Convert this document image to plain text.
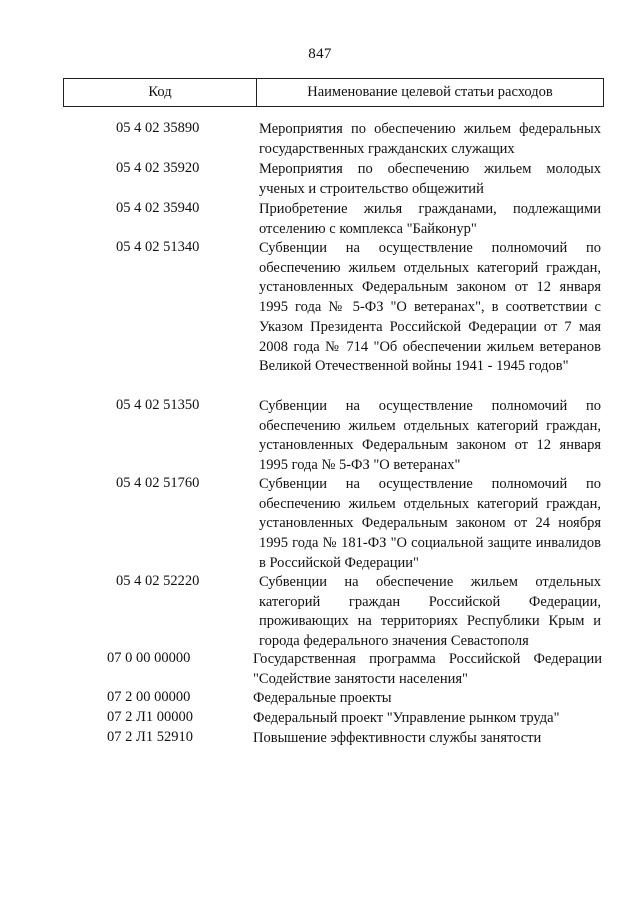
847
Код	Наименование целевой статьи расходов
05 4 02 35890	Мероприятия по обеспечению жильем федеральных государственных гражданских служащих
05 4 02 35920	Мероприятия по обеспечению жильем молодых ученых и строительство общежитий
05 4 02 35940	Приобретение жилья гражданами, подлежащими отселению с комплекса "Байконур"
05 4 02 51340	Субвенции на осуществление полномочий по обеспечению жильем отдельных категорий граждан, установленных Федеральным законом от 12 января 1995 года № 5-ФЗ "О ветеранах", в соответствии с Указом Президента Российской Федерации от 7 мая 2008 года № 714 "Об обеспечении жильем ветеранов Великой Отечественной войны 1941 - 1945 годов"
05 4 02 51350	Субвенции на осуществление полномочий по обеспечению жильем отдельных категорий граждан, установленных Федеральным законом от 12 января 1995 года № 5-ФЗ "О ветеранах"
05 4 02 51760	Субвенции на осуществление полномочий по обеспечению жильем отдельных категорий граждан, установленных Федеральным законом от 24 ноября 1995 года № 181-ФЗ "О социальной защите инвалидов в Российской Федерации"
05 4 02 52220	Субвенции на обеспечение жильем отдельных категорий граждан Российской Федерации, проживающих на территориях Республики Крым и города федерального значения Севастополя
07 0 00 00000	Государственная программа Российской Федерации "Содействие занятости населения"
07 2 00 00000	Федеральные проекты
07 2 Л1 00000	Федеральный проект "Управление рынком труда"
07 2 Л1 52910	Повышение эффективности службы занятости
